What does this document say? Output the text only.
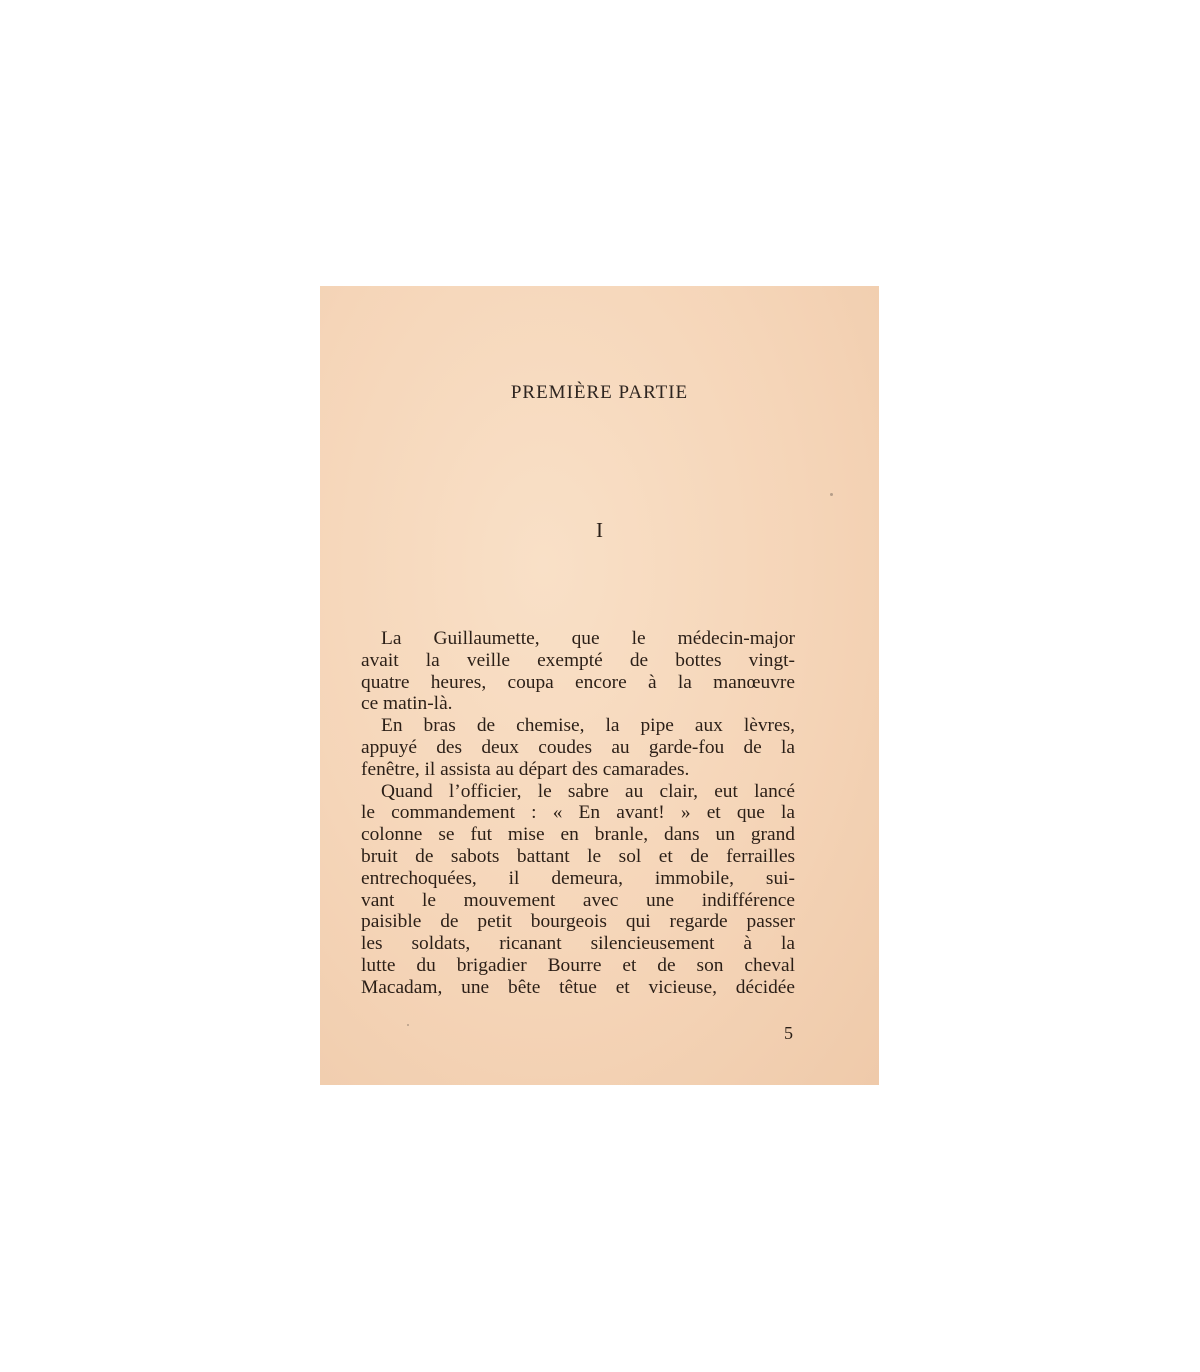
PREMIÈRE PARTIE
I
La Guillaumette, que le médecin-major
avait la veille exempté de bottes vingt-
quatre heures, coupa encore à la manœuvre
ce matin-là.
En bras de chemise, la pipe aux lèvres,
appuyé des deux coudes au garde-fou de la
fenêtre, il assista au départ des camarades.
Quand l’officier, le sabre au clair, eut lancé
le commandement : « En avant! » et que la
colonne se fut mise en branle, dans un grand
bruit de sabots battant le sol et de ferrailles
entrechoquées, il demeura, immobile, sui-
vant le mouvement avec une indifférence
paisible de petit bourgeois qui regarde passer
les soldats, ricanant silencieusement à la
lutte du brigadier Bourre et de son cheval
Macadam, une bête têtue et vicieuse, décidée
5
